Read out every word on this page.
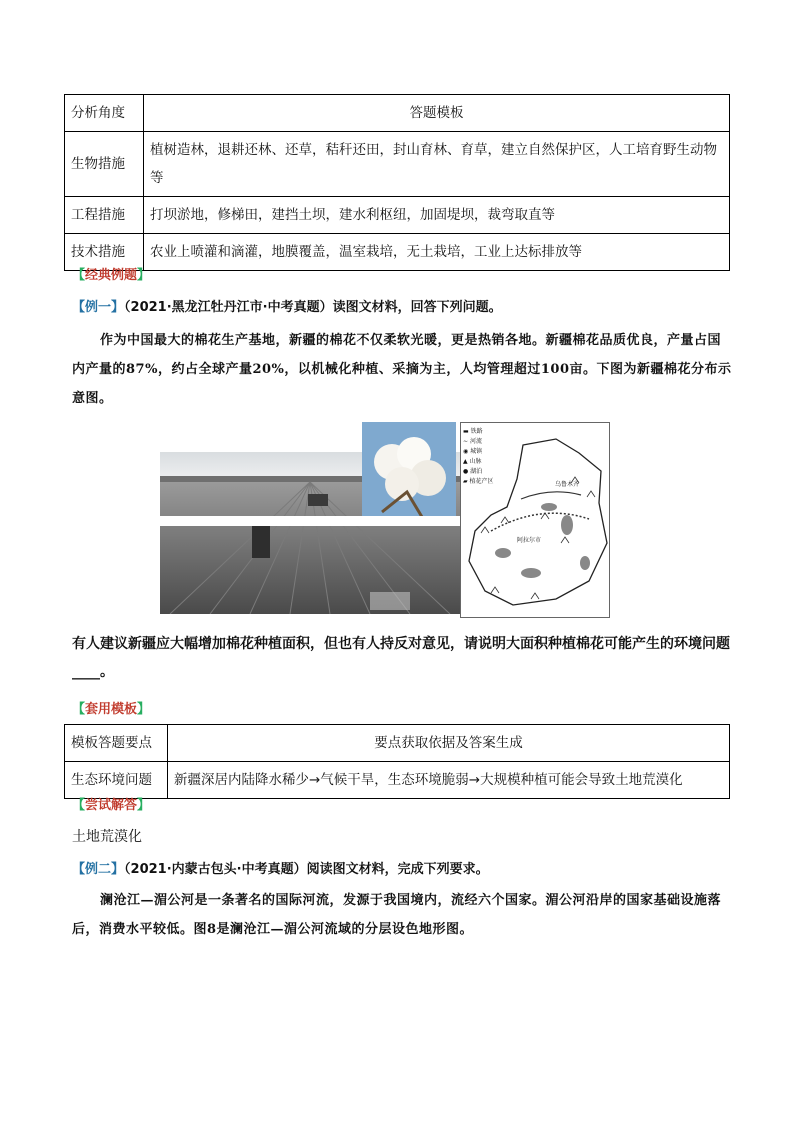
分析角度	答题模板
生物措施	植树造林，退耕还林、还草，秸秆还田，封山育林、育草，建立自然保护区，人工培育野生动物等
工程措施	打坝淤地，修梯田，建挡土坝，建水利枢纽，加固堤坝，裁弯取直等
技术措施	农业上喷灌和滴灌，地膜覆盖，温室栽培，无土栽培，工业上达标排放等
【经典例题】
【例一】（2021·黑龙江牡丹江市·中考真题）读图文材料，回答下列问题。
作为中国最大的棉花生产基地，新疆的棉花不仅柔软光暖，更是热销各地。新疆棉花品质优良，产量占国内产量的87%，约占全球产量20%，以机械化种植、采摘为主，人均管理超过100亩。下图为新疆棉花分布示意图。
▬ 铁路
∼ 河流
◉ 城镇
▲ 山脉
● 湖泊
▰ 植花产区	乌鲁木齐
阿拉尔市
有人建议新疆应大幅增加棉花种植面积，但也有人持反对意见，请说明大面积种植棉花可能产生的环境问题____。
【套用模板】
模板答题要点	要点获取依据及答案生成
生态环境问题	新疆深居内陆降水稀少→气候干旱，生态环境脆弱→大规模种植可能会导致土地荒漠化
【尝试解答】
土地荒漠化
【例二】（2021·内蒙古包头·中考真题）阅读图文材料，完成下列要求。
澜沧江—湄公河是一条著名的国际河流，发源于我国境内，流经六个国家。湄公河沿岸的国家基础设施落后，消费水平较低。图8是澜沧江—湄公河流域的分层设色地形图。
